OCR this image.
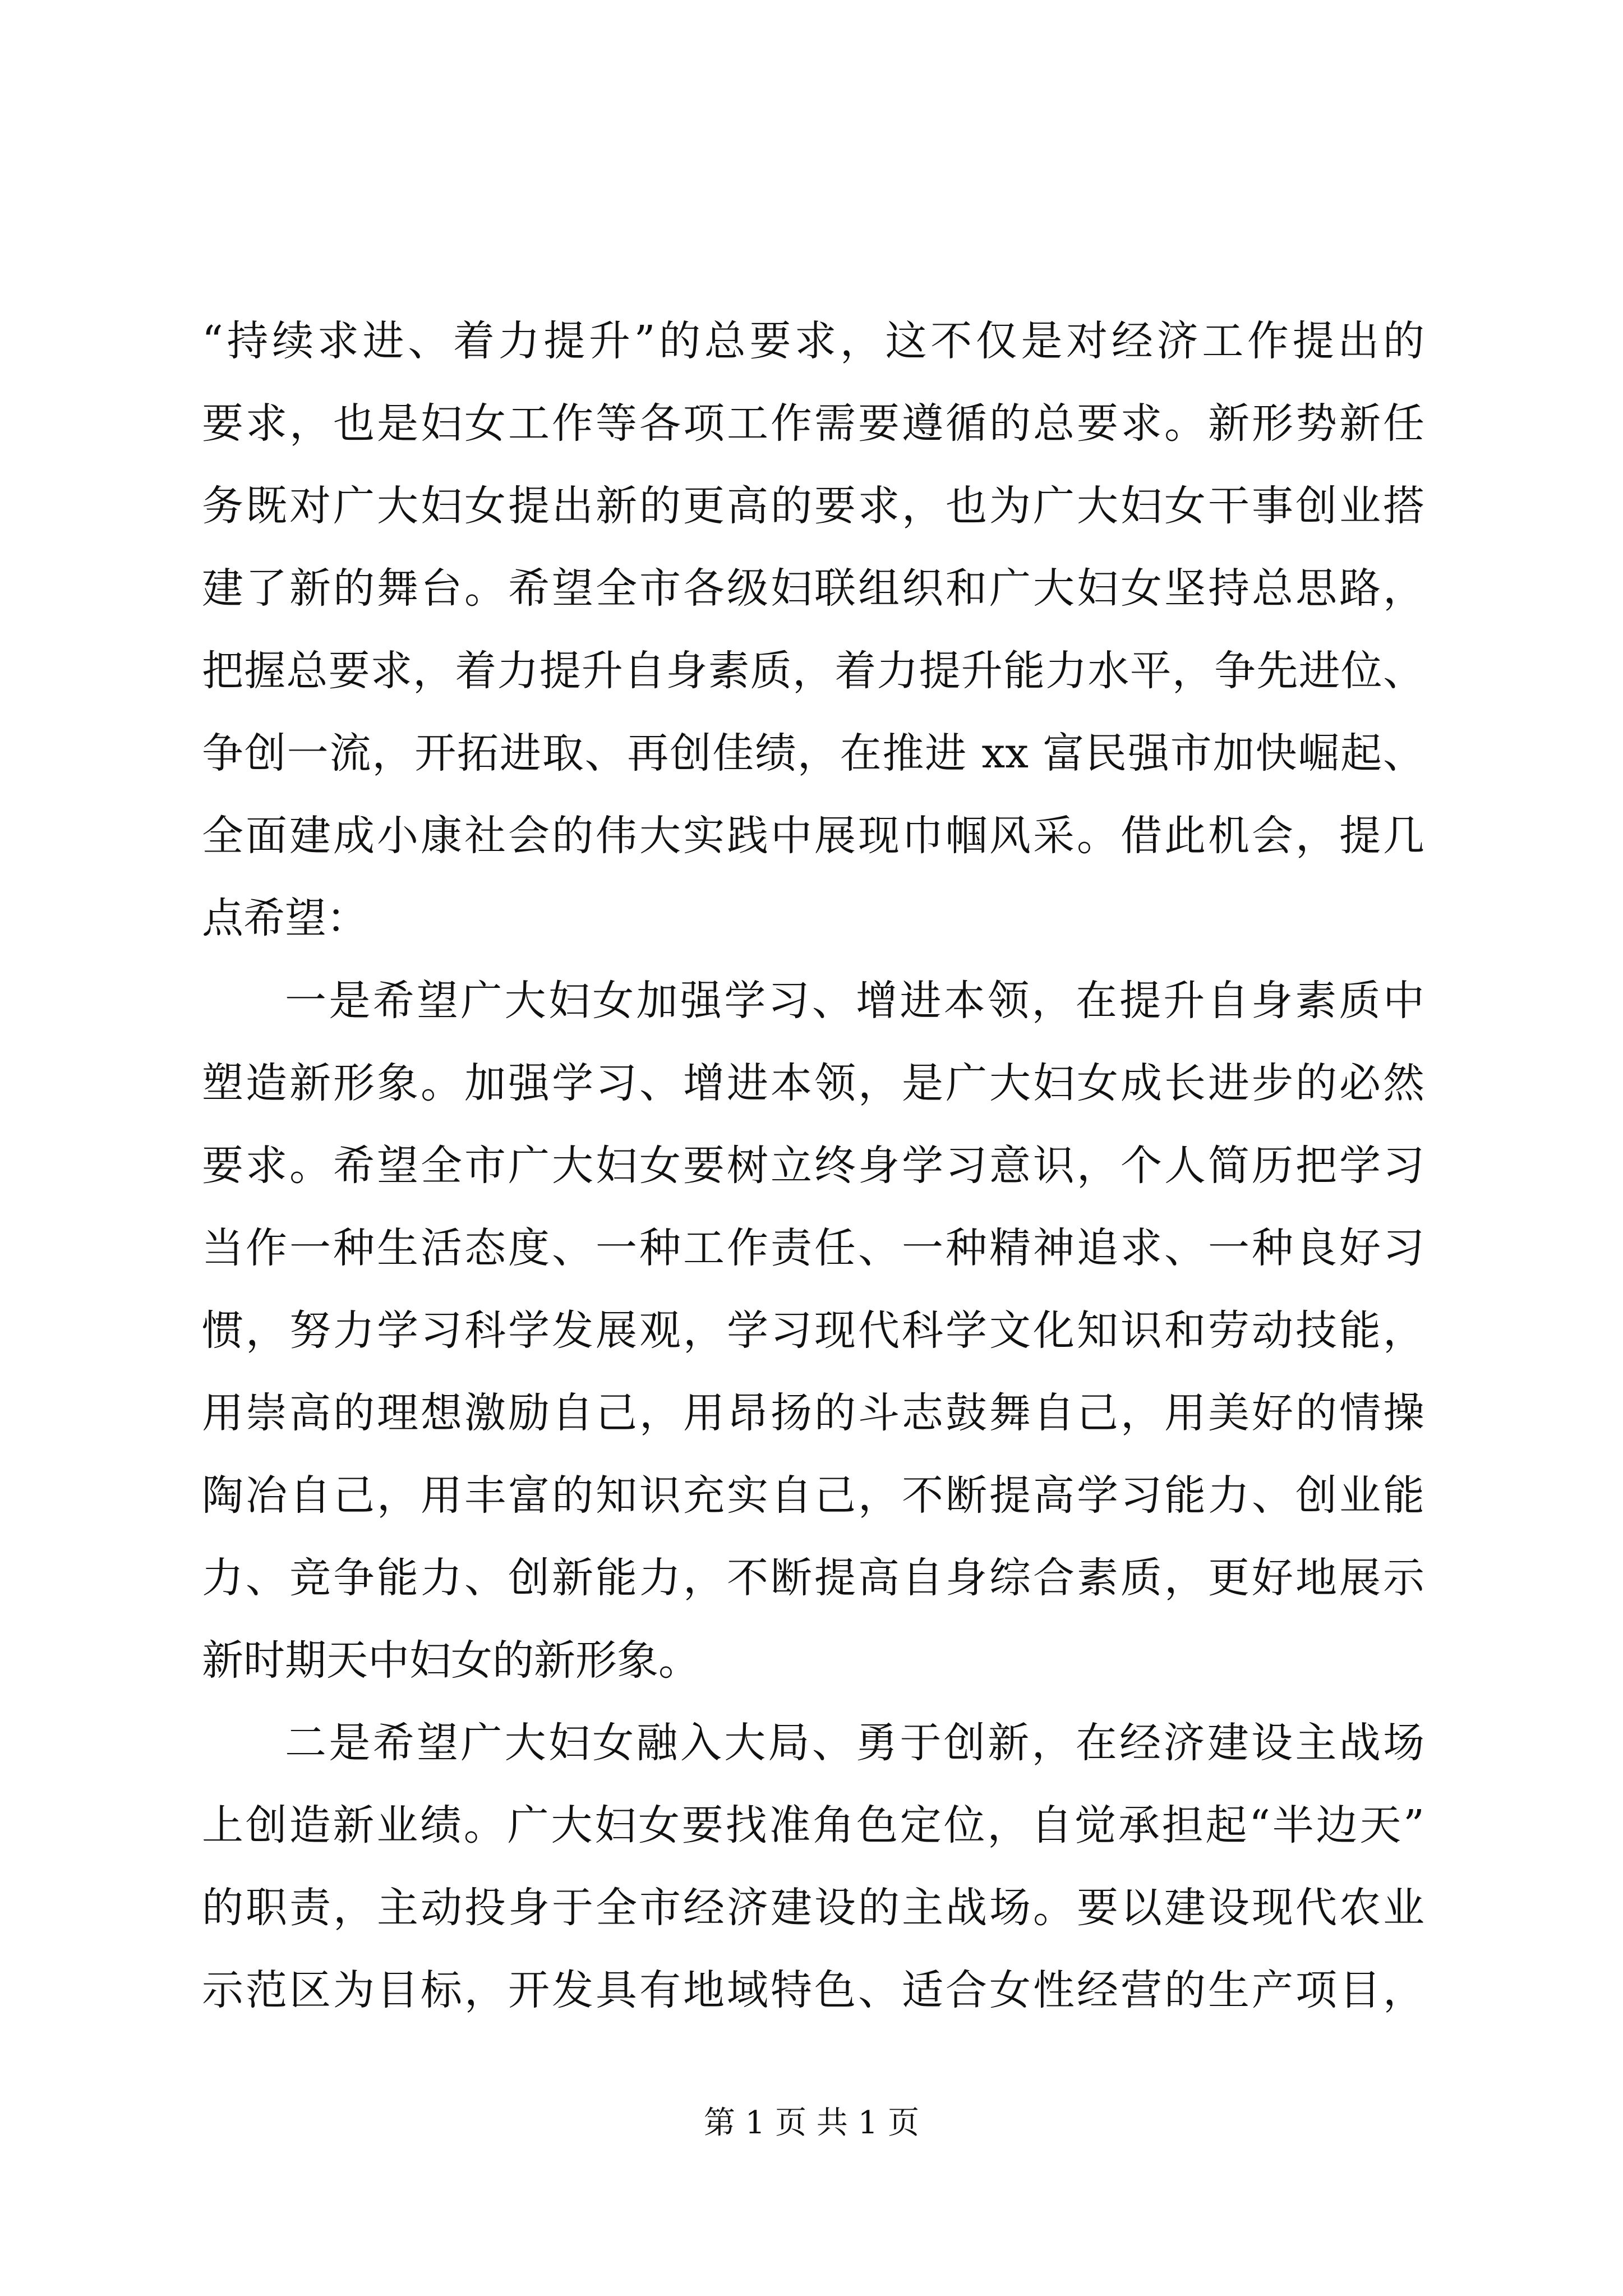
“持续求进、着力提升”的总要求，这不仅是对经济工作提出的
要求，也是妇女工作等各项工作需要遵循的总要求。新形势新任
务既对广大妇女提出新的更高的要求，也为广大妇女干事创业搭
建了新的舞台。希望全市各级妇联组织和广大妇女坚持总思路，
把握总要求，着力提升自身素质，着力提升能力水平，争先进位、
争创一流，开拓进取、再创佳绩，在推进 xx 富民强市加快崛起、
全面建成小康社会的伟大实践中展现巾帼风采。借此机会，提几
点希望：
一是希望广大妇女加强学习、增进本领，在提升自身素质中
塑造新形象。加强学习、增进本领，是广大妇女成长进步的必然
要求。希望全市广大妇女要树立终身学习意识，个人简历把学习
当作一种生活态度、一种工作责任、一种精神追求、一种良好习
惯，努力学习科学发展观，学习现代科学文化知识和劳动技能，
用崇高的理想激励自己，用昂扬的斗志鼓舞自己，用美好的情操
陶冶自己，用丰富的知识充实自己，不断提高学习能力、创业能
力、竞争能力、创新能力，不断提高自身综合素质，更好地展示
新时期天中妇女的新形象。
二是希望广大妇女融入大局、勇于创新，在经济建设主战场
上创造新业绩。广大妇女要找准角色定位，自觉承担起“半边天”
的职责，主动投身于全市经济建设的主战场。要以建设现代农业
示范区为目标，开发具有地域特色、适合女性经营的生产项目，
第 1 页 共 1 页
